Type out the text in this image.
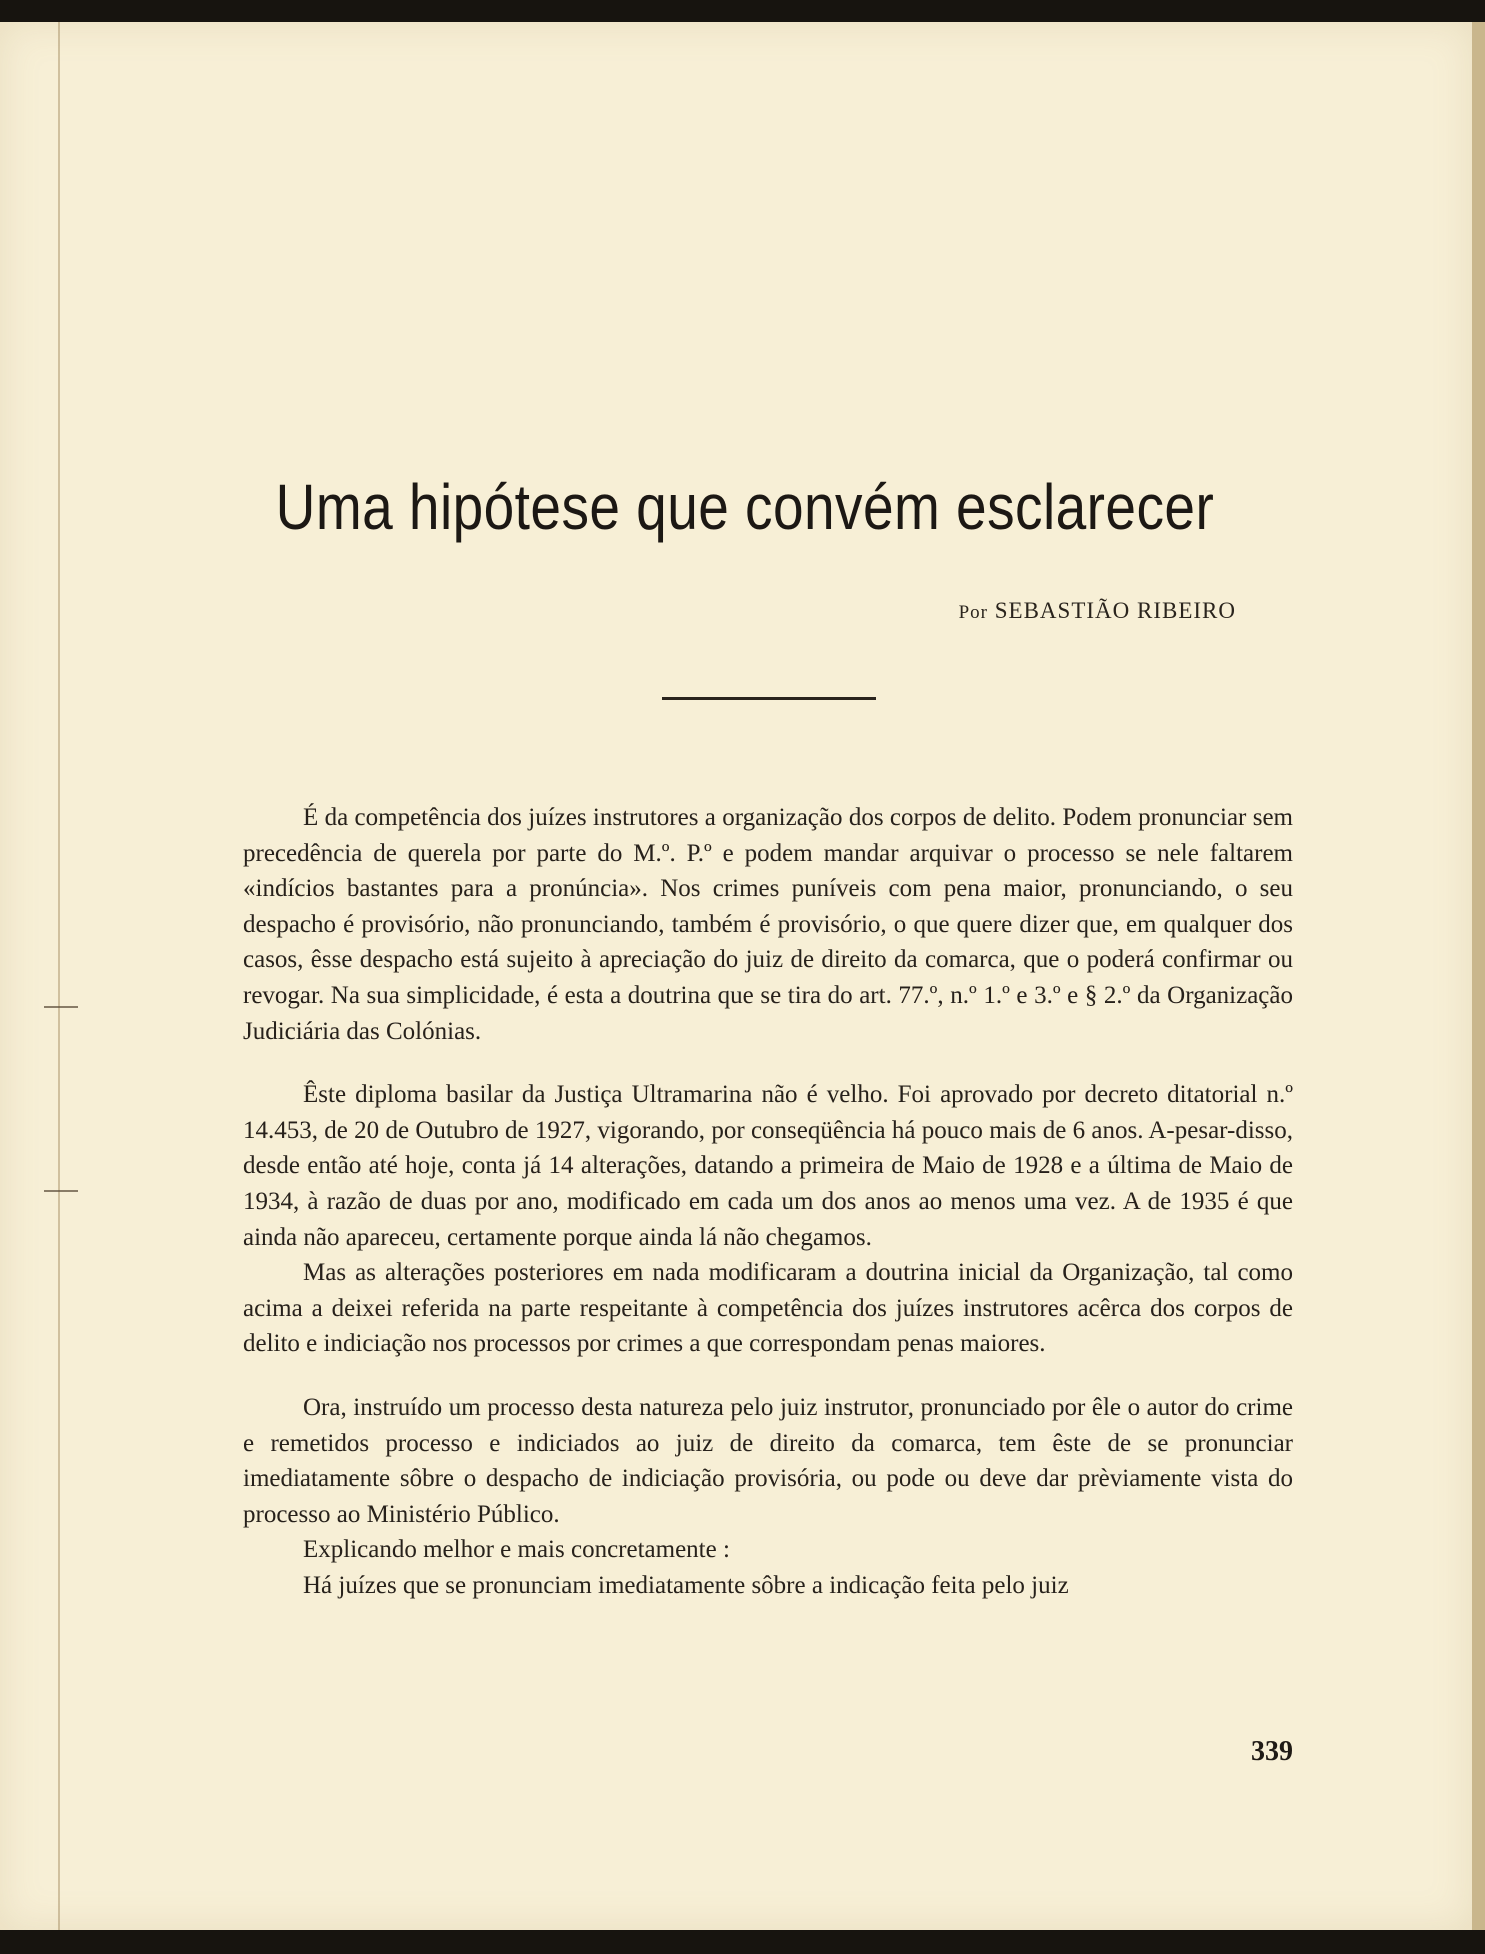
Uma hipótese que convém esclarecer
Por SEBASTIÃO RIBEIRO

É da competência dos juízes instrutores a organização dos corpos de delito. Podem pronunciar sem precedência de querela por parte do M.º. P.º e podem mandar arquivar o processo se nele faltarem «indícios bastantes para a pronúncia». Nos crimes puníveis com pena maior, pronunciando, o seu despacho é provisório, não pronunciando, também é provisório, o que quere dizer que, em qualquer dos casos, êsse despacho está sujeito à apreciação do juiz de direito da comarca, que o poderá confirmar ou revogar. Na sua simplicidade, é esta a doutrina que se tira do art. 77.º, n.º 1.º e 3.º e § 2.º da Organização Judiciária das Colónias.

Êste diploma basilar da Justiça Ultramarina não é velho. Foi aprovado por decreto ditatorial n.º 14.453, de 20 de Outubro de 1927, vigorando, por conseqüência há pouco mais de 6 anos. A-pesar-disso, desde então até hoje, conta já 14 alterações, datando a primeira de Maio de 1928 e a última de Maio de 1934, à razão de duas por ano, modificado em cada um dos anos ao menos uma vez. A de 1935 é que ainda não apareceu, certamente porque ainda lá não chegamos.

Mas as alterações posteriores em nada modificaram a doutrina inicial da Organização, tal como acima a deixei referida na parte respeitante à competência dos juízes instrutores acêrca dos corpos de delito e indiciação nos processos por crimes a que correspondam penas maiores.

Ora, instruído um processo desta natureza pelo juiz instrutor, pronunciado por êle o autor do crime e remetidos processo e indiciados ao juiz de direito da comarca, tem êste de se pronunciar imediatamente sôbre o despacho de indiciação provisória, ou pode ou deve dar prèviamente vista do processo ao Ministério Público.

Explicando melhor e mais concretamente :

Há juízes que se pronunciam imediatamente sôbre a indicação feita pelo juiz

339
